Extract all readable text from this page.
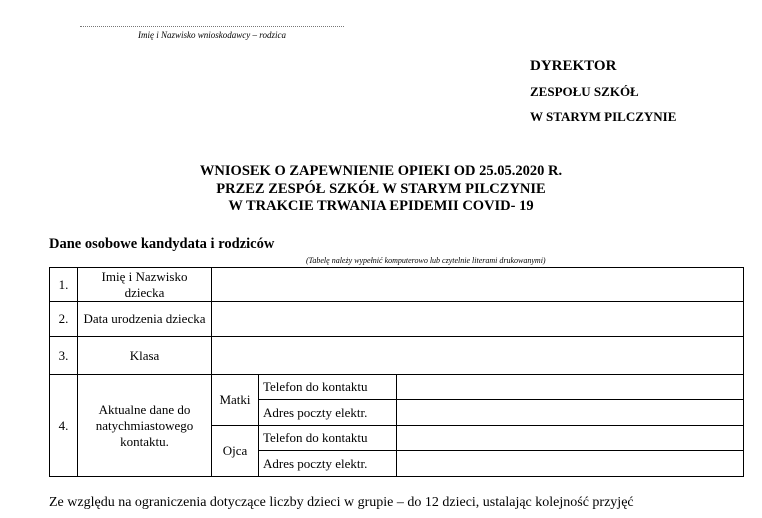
Imię i Nazwisko wnioskodawcy – rodzica
DYREKTOR
ZESPOŁU SZKÓŁ
W STARYM PILCZYNIE
WNIOSEK O ZAPEWNIENIE OPIEKI OD 25.05.2020 R.
PRZEZ ZESPÓŁ SZKÓŁ W STARYM PILCZYNIE
W TRAKCIE TRWANIA EPIDEMII COVID- 19
Dane osobowe kandydata i rodziców
(Tabelę należy wypełnić komputerowo lub czytelnie literami drukowanymi)
1.	Imię i Nazwisko dziecka			
2.	Data urodzenia dziecka			
3.	Klasa			
4.	Aktualne dane do natychmiastowego kontaktu.	Matki	Telefon do kontaktu	
			Adres poczty elektr.	
		Ojca	Telefon do kontaktu	
			Adres poczty elektr.	
Ze względu na ograniczenia dotyczące liczby dzieci w grupie – do 12 dzieci, ustalając kolejność przyjęć
